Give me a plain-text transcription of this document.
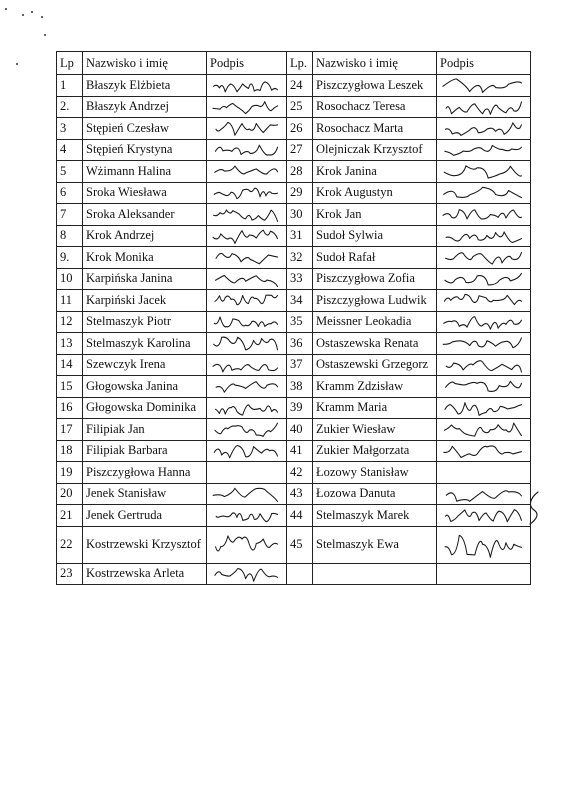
Lp	Nazwisko i imię	Podpis	Lp.	Nazwisko i imię	Podpis
1	Błaszyk Elżbieta		24	Piszczygłowa Leszek	

2.	Błaszyk Andrzej		25	Rosochacz Teresa	

3	Stępień Czesław		26	Rosochacz Marta	

4	Stępień Krystyna		27	Olejniczak Krzysztof	

5	Wżimann Halina		28	Krok Janina	

6	Sroka Wiesława		29	Krok Augustyn	

7	Sroka Aleksander		30	Krok Jan	

8	Krok Andrzej		31	Sudoł Sylwia	

9.	Krok Monika		32	Sudoł Rafał	

10	Karpińska Janina		33	Piszczygłowa Zofia	

11	Karpiński Jacek		34	Piszczygłowa Ludwik	

12	Stelmaszyk Piotr		35	Meissner Leokadia	

13	Stelmaszyk Karolina		36	Ostaszewska Renata	

14	Szewczyk Irena		37	Ostaszewski Grzegorz	

15	Głogowska Janina		38	Kramm Zdzisław	

16	Głogowska Dominika		39	Kramm Maria	

17	Filipiak Jan		40	Zukier Wiesław	

18	Filipiak Barbara		41	Zukier Małgorzata	

19	Piszczygłowa Hanna		42	Łozowy Stanisław	
20	Jenek Stanisław		43	Łozowa Danuta	

21	Jenek Gertruda		44	Stelmaszyk Marek	

22	Kostrzewski Krzysztof		45	Stelmaszyk Ewa	

23	Kostrzewska Arleta	
